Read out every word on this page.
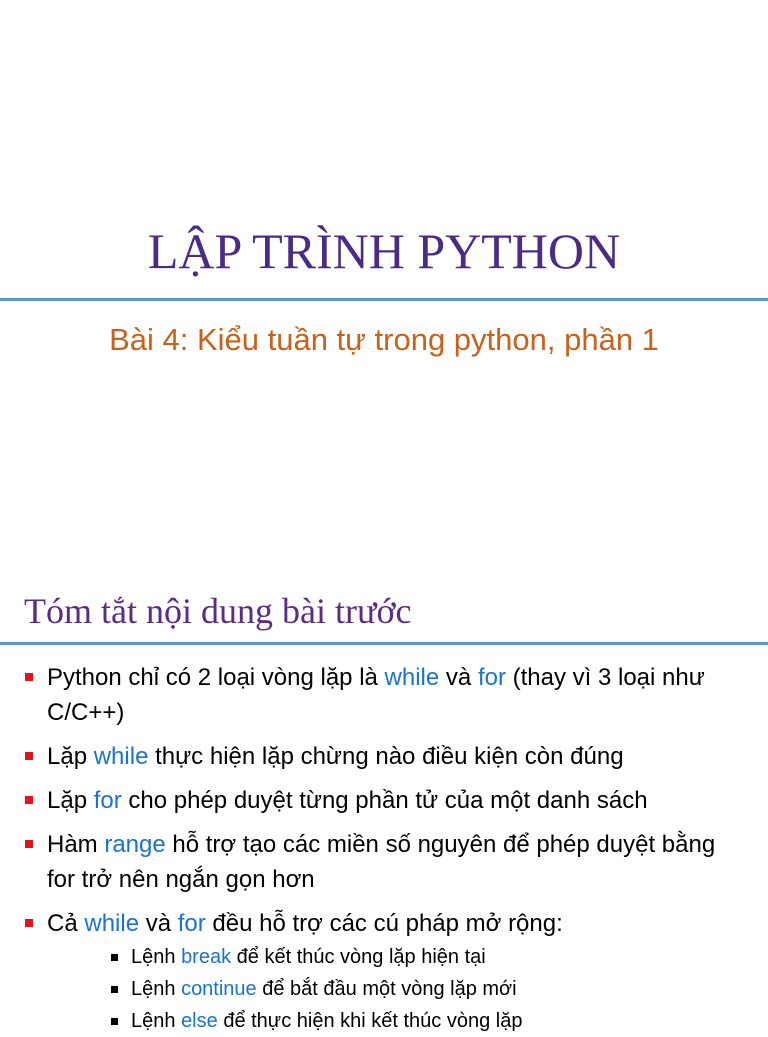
LẬP TRÌNH PYTHON
Bài 4: Kiểu tuần tự trong python, phần 1
Tóm tắt nội dung bài trước
Python chỉ có 2 loại vòng lặp là while và for (thay vì 3 loại như C/C++)
Lặp while thực hiện lặp chừng nào điều kiện còn đúng
Lặp for cho phép duyệt từng phần tử của một danh sách
Hàm range hỗ trợ tạo các miền số nguyên để phép duyệt bằng for trở nên ngắn gọn hơn
Cả while và for đều hỗ trợ các cú pháp mở rộng:
Lệnh break để kết thúc vòng lặp hiện tại
Lệnh continue để bắt đầu một vòng lặp mới
Lệnh else để thực hiện khi kết thúc vòng lặp
